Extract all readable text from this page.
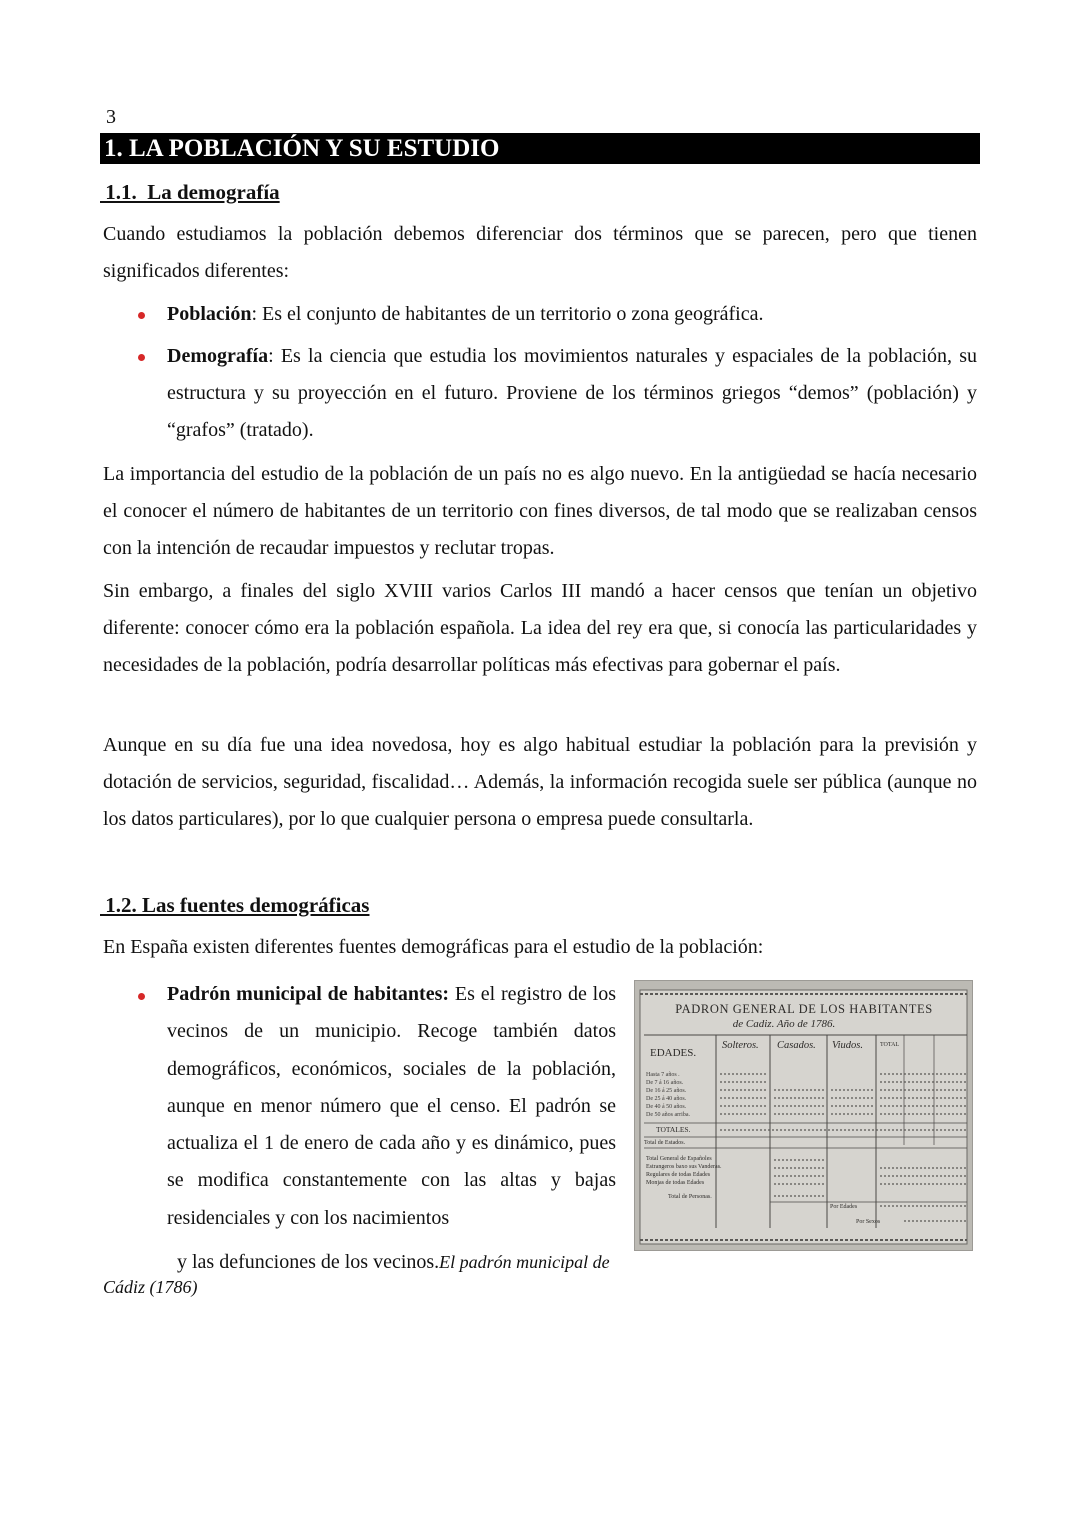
3
1. LA POBLACIÓN Y SU ESTUDIO
1.1.  La demografía

Cuando estudiamos la población debemos diferenciar dos términos que se parecen, pero que tienen significados diferentes:

Población: Es el conjunto de habitantes de un territorio o zona geográfica.

Demografía: Es la ciencia que estudia los movimientos naturales y espaciales de la población, su estructura y su proyección en el futuro. Proviene de los términos griegos “demos” (población) y “grafos” (tratado).

La importancia del estudio de la población de un país no es algo nuevo. En la antigüedad se hacía necesario el conocer el número de habitantes de un territorio con fines diversos, de tal modo que se realizaban censos con la intención de recaudar impuestos y reclutar tropas.

Sin embargo, a finales del siglo XVIII varios Carlos III mandó a hacer censos que tenían un objetivo diferente: conocer cómo era la población española. La idea del rey era que, si conocía las particularidades y necesidades de la población, podría desarrollar políticas más efectivas para gobernar el país.

Aunque en su día fue una idea novedosa, hoy es algo habitual estudiar la población para la previsión y dotación de servicios, seguridad, fiscalidad… Además, la información recogida suele ser pública (aunque no los datos particulares), por lo que cualquier persona o empresa puede consultarla.

1.2. Las fuentes demográficas

En España existen diferentes fuentes demográficas para el estudio de la población:

Padrón municipal de habitantes: Es el registro de los vecinos de un municipio. Recoge también datos demográficos, económicos, sociales de la población, aunque en menor número que el censo. El padrón se actualiza el 1 de enero de cada año y es dinámico, pues se modifica constantemente con las altas y bajas residenciales y con los nacimientos

y las defunciones de los vecinos.El padrón municipal de Cádiz (1786)
PADRON GENERAL DE LOS HABITANTES
de Cadiz. Año de 1786.
EDADES.
Solteros. Casados. Viudos.	TOTAL
Hasta 7 años .
De 7 á 16 años.
De 16 á 25 años.
De 25 á 40 años.
De 40 á 50 años.
De 50 años arriba.
TOTALES.
Total de Estados.
Total General de Españoles
Estrangeros baxo sus Vanderas.
Regulares de todas Edades
Monjas de todas Edades
Total de Personas.
Por Edades
Por Sexos
